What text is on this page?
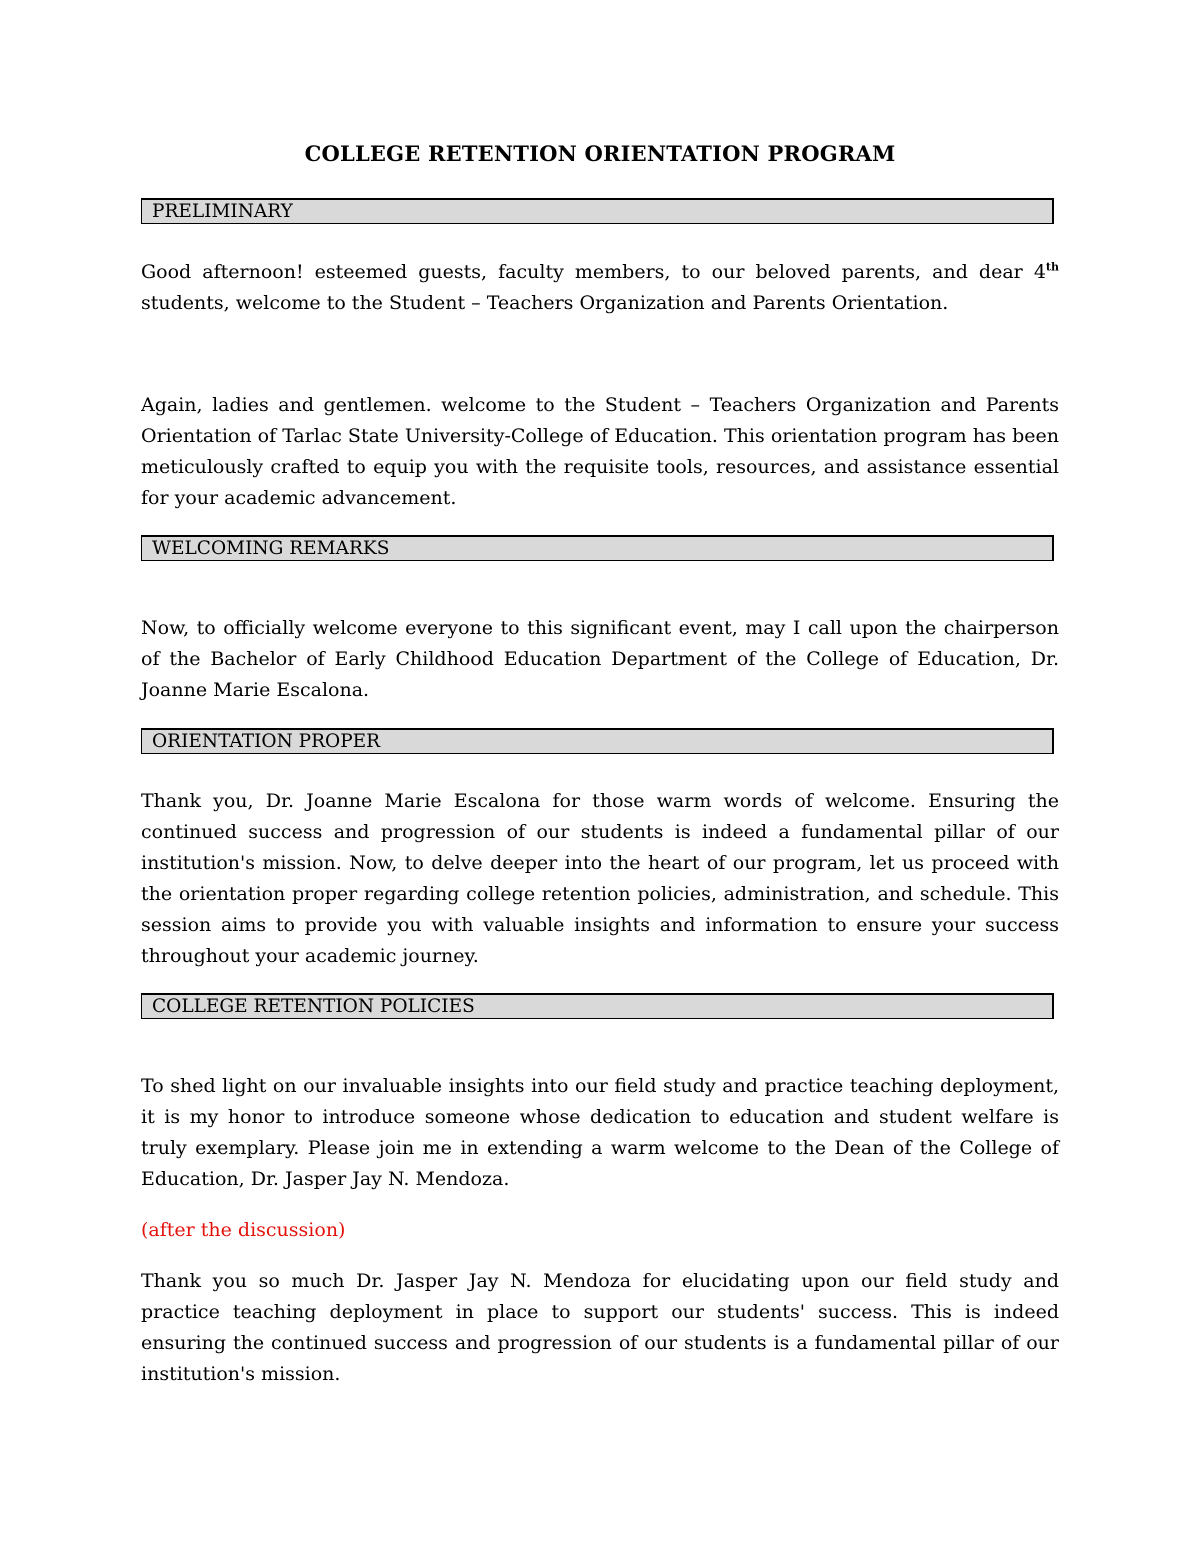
COLLEGE RETENTION ORIENTATION PROGRAM
PRELIMINARY

Good afternoon! esteemed guests, faculty members, to our beloved parents, and dear 4th students, welcome to the Student – Teachers Organization and Parents Orientation.

Again, ladies and gentlemen. welcome to the Student – Teachers Organization and Parents Orientation of Tarlac State University-College of Education. This orientation program has been meticulously crafted to equip you with the requisite tools, resources, and assistance essential for your academic advancement.

WELCOMING REMARKS

Now, to officially welcome everyone to this significant event, may I call upon the chairperson of the Bachelor of Early Childhood Education Department of the College of Education, Dr. Joanne Marie Escalona.

ORIENTATION PROPER

Thank you, Dr. Joanne Marie Escalona for those warm words of welcome. Ensuring the continued success and progression of our students is indeed a fundamental pillar of our institution's mission. Now, to delve deeper into the heart of our program, let us proceed with the orientation proper regarding college retention policies, administration, and schedule. This session aims to provide you with valuable insights and information to ensure your success throughout your academic journey.

COLLEGE RETENTION POLICIES

To shed light on our invaluable insights into our field study and practice teaching deployment, it is my honor to introduce someone whose dedication to education and student welfare is truly exemplary. Please join me in extending a warm welcome to the Dean of the College of Education, Dr. Jasper Jay N. Mendoza.

(after the discussion)

Thank you so much Dr. Jasper Jay N. Mendoza for elucidating upon our field study and practice teaching deployment in place to support our students' success. This is indeed ensuring the continued success and progression of our students is a fundamental pillar of our institution's mission.
